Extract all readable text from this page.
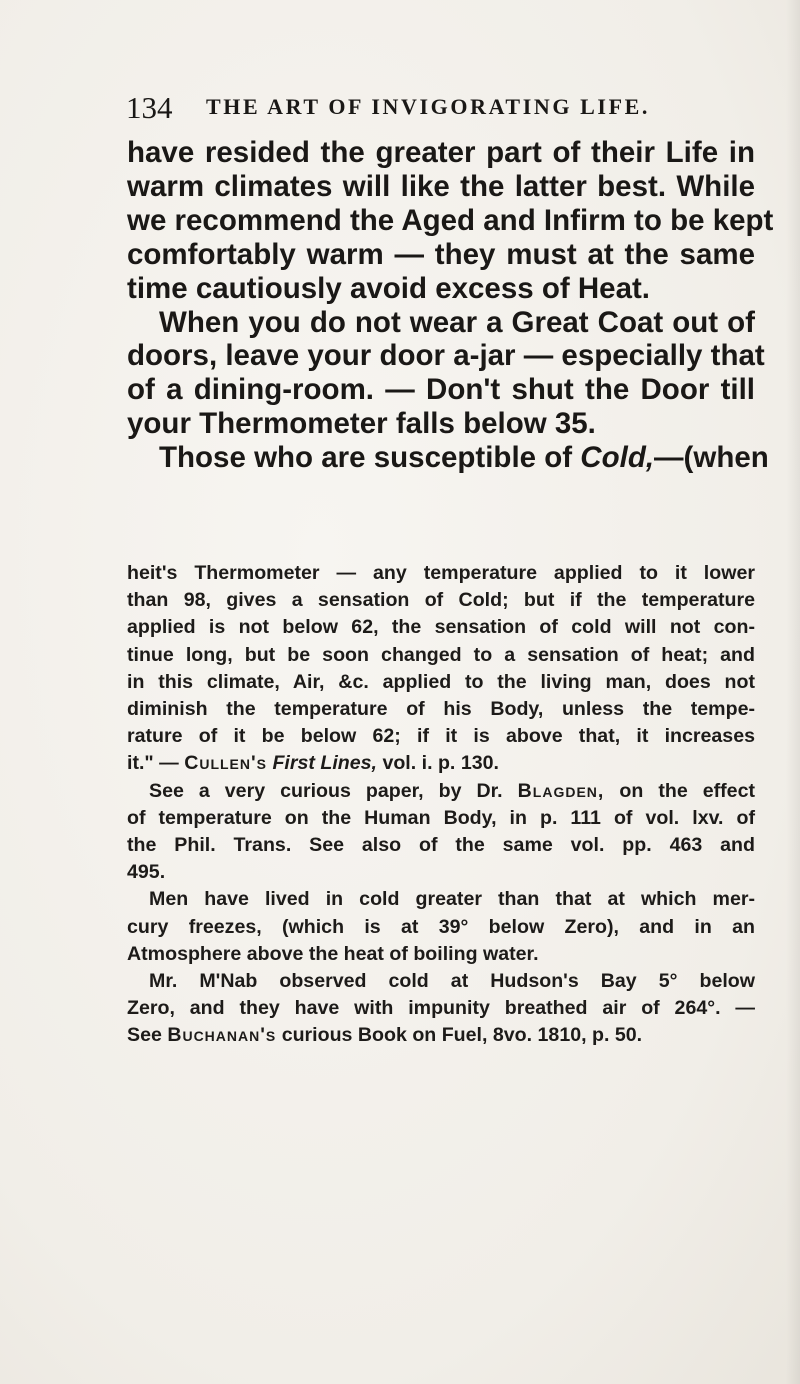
134 THE ART OF INVIGORATING LIFE.
have resided the greater part of their Life in
warm climates will like the latter best. While
we recommend the Aged and Infirm to be kept
comfortably warm — they must at the same
time cautiously avoid excess of Heat.
When you do not wear a Great Coat out of
doors, leave your door a-jar — especially that
of a dining-room. — Don't shut the Door till
your Thermometer falls below 35.
Those who are susceptible of Cold,—(when
heit's Thermometer — any temperature applied to it lower
than 98, gives a sensation of Cold; but if the temperature
applied is not below 62, the sensation of cold will not con-
tinue long, but be soon changed to a sensation of heat; and
in this climate, Air, &c. applied to the living man, does not
diminish the temperature of his Body, unless the tempe-
rature of it be below 62; if it is above that, it increases
it." — Cullen's First Lines, vol. i. p. 130.
See a very curious paper, by Dr. Blagden, on the effect
of temperature on the Human Body, in p. 111 of vol. lxv. of
the Phil. Trans. See also of the same vol. pp. 463 and
495.
Men have lived in cold greater than that at which mer-
cury freezes, (which is at 39° below Zero), and in an
Atmosphere above the heat of boiling water.
Mr. M'Nab observed cold at Hudson's Bay 5° below
Zero, and they have with impunity breathed air of 264°. —
See Buchanan's curious Book on Fuel, 8vo. 1810, p. 50.
